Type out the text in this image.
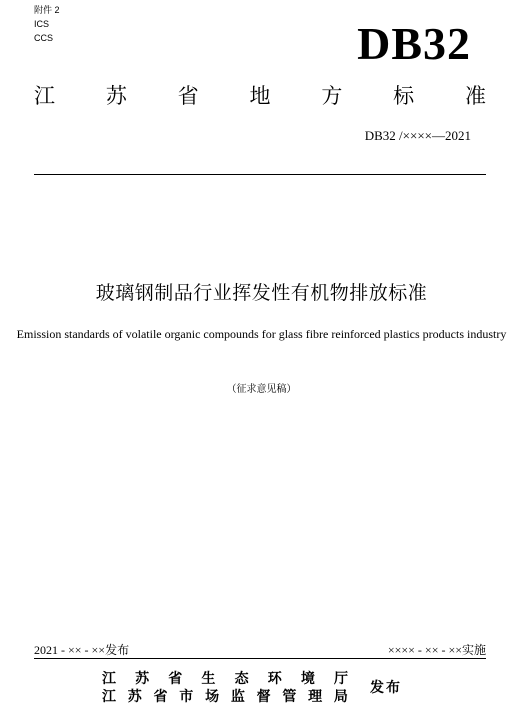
附件 2
ICS
CCS	DB32
江 苏 省 地 方 标 准
DB32 /××××—2021
玻璃钢制品行业挥发性有机物排放标准
Emission standards of volatile organic compounds for glass fibre reinforced plastics products industry
（征求意见稿）
2021 - ×× - ××发布	×××× - ×× - ××实施
江 苏 省 生 态 环 境 厅
江 苏 省 市 场 监 督 管 理 局
发布
